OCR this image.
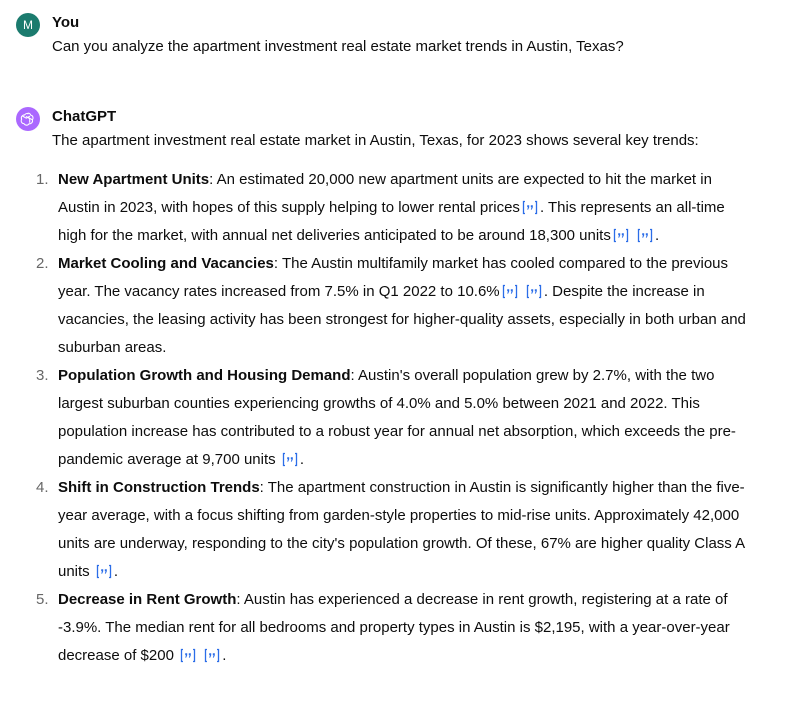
M You
Can you analyze the apartment investment real estate market trends in Austin, Texas?
ChatGPT
The apartment investment real estate market in Austin, Texas, for 2023 shows several key trends:
1. New Apartment Units: An estimated 20,000 new apartment units are expected to hit the market in Austin in 2023, with hopes of this supply helping to lower rental prices . This represents an all-time high for the market, with annual net deliveries anticipated to be around 18,300 units
	.
2. Market Cooling and Vacancies: The Austin multifamily market has cooled compared to the previous year. The vacancy rates increased from 7.5% in Q1 2022 to 10.6%
	. Despite the increase in vacancies, the leasing activity has been strongest for higher-quality assets, especially in both urban and suburban areas.
3. Population Growth and Housing Demand: Austin's overall population grew by 2.7%, with the two largest suburban counties experiencing growths of 4.0% and 5.0% between 2021 and 2022. This population increase has contributed to a robust year for annual net absorption, which exceeds the pre-pandemic average at 9,700 units .
4. Shift in Construction Trends: The apartment construction in Austin is significantly higher than the five-year average, with a focus shifting from garden-style properties to mid-rise units. Approximately 42,000 units are underway, responding to the city's population growth. Of these, 67% are higher quality Class A units .
5. Decrease in Rent Growth: Austin has experienced a decrease in rent growth, registering at a rate of -3.9%. The median rent for all bedrooms and property types in Austin is $2,195, with a year-over-year decrease of $200
	.
